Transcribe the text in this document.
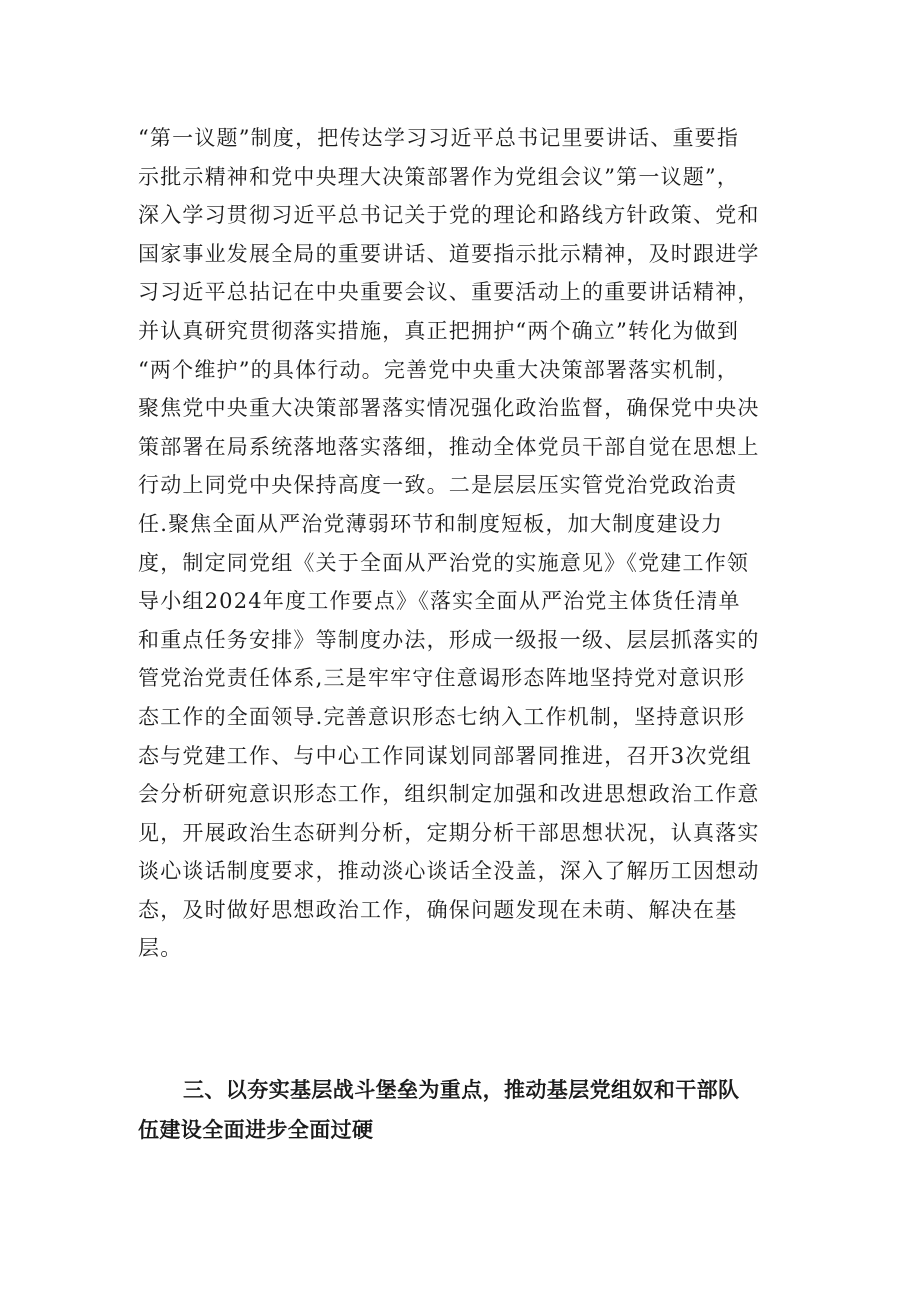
“第一议题”制度，把传达学习习近平总书记里要讲话、重要指
示批示精神和党中央理大决策部署作为党组会议”第一议题”，
深入学习贯彻习近平总书记关于党的理论和路线方针政策、党和
国家事业发展全局的重要讲话、道要指示批示精神，及时跟进学
习习近平总拈记在中央重要会议、重要活动上的重要讲话精神，
并认真研究贯彻落实措施，真正把拥护“两个确立”转化为做到
“两个维护”的具体行动。完善党中央重大决策部署落实机制，
聚焦党中央重大决策部署落实情况强化政治监督，确保党中央决
策部署在局系统落地落实落细，推动全体党员干部自觉在思想上
行动上同党中央保持高度一致。二是层层压实管党治党政治责
任.聚焦全面从严治党薄弱环节和制度短板，加大制度建设力
度，制定同党组《关于全面从严治党的实施意见》《党建工作领
导小组2024年度工作要点》《落实全面从严治党主体货任清单
和重点任务安排》等制度办法，形成一级报一级、层层抓落实的
管党治党责任体系,三是牢牢守住意谒形态阵地坚持党对意识形
态工作的全面领导.完善意识形态七纳入工作机制，坚持意识形
态与党建工作、与中心工作同谋划同部署同推进，召开3次党组
会分析研宛意识形态工作，组织制定加强和改进思想政治工作意
见，开展政治生态研判分析，定期分析干部思想状况，认真落实
谈心谈话制度要求，推动淡心谈话全没盖，深入了解历工因想动
态，及时做好思想政治工作，确保问题发现在未萌、解决在基
层。
三、以夯实基层战斗堡垒为重点，推动基层党组奴和干部队
伍建设全面进步全面过硬
